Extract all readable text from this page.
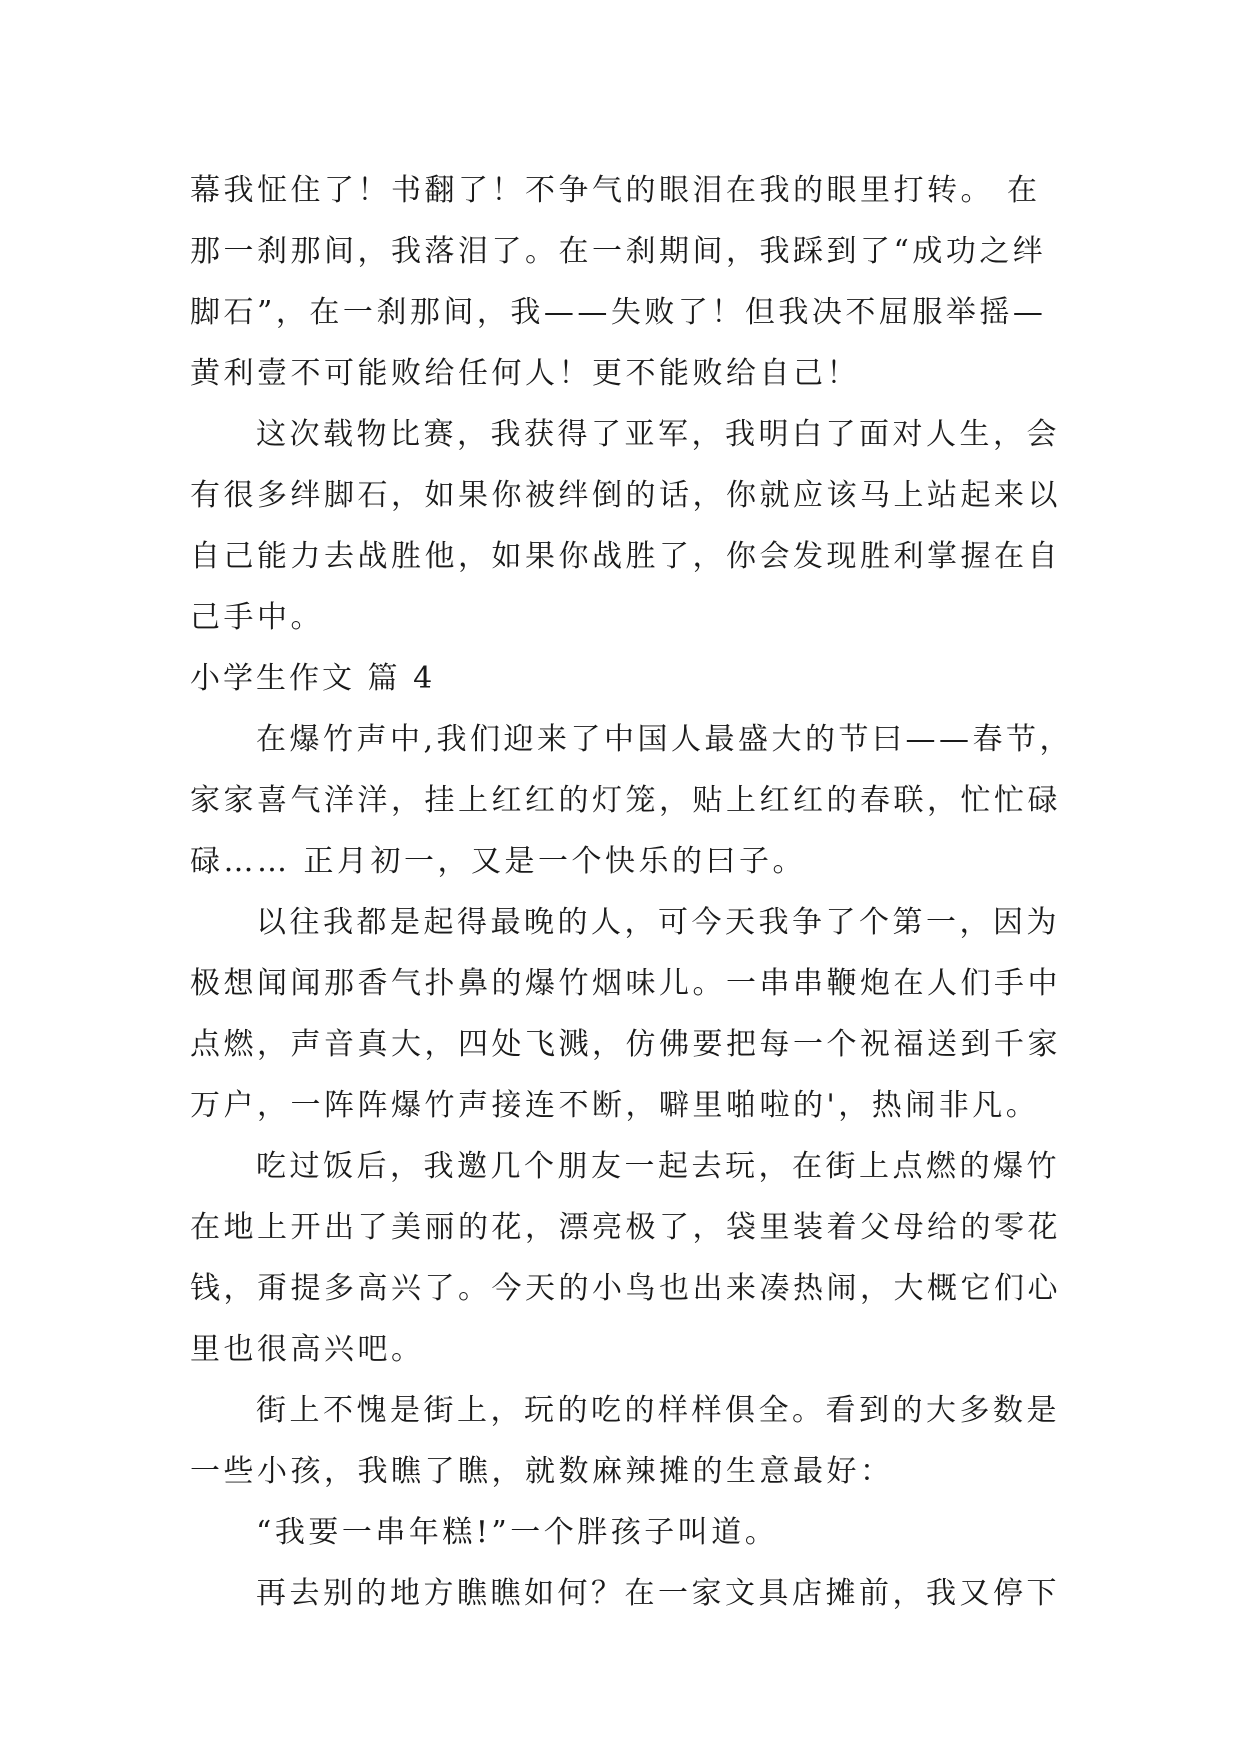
幕我怔住了！书翻了！不争气的眼泪在我的眼里打转。 在
那一刹那间，我落泪了。在一刹期间，我踩到了“成功之绊
脚石”，在一刹那间，我——失败了！但我决不屈服举摇—
黄利壹不可能败给任何人！更不能败给自己！
这次载物比赛，我获得了亚军，我明白了面对人生，会
有很多绊脚石，如果你被绊倒的话，你就应该马上站起来以
自己能力去战胜他，如果你战胜了，你会发现胜利掌握在自
己手中。
小学生作文 篇 4
在爆竹声中,我们迎来了中国人最盛大的节曰——春节，
家家喜气洋洋，挂上红红的灯笼，贴上红红的春联，忙忙碌
碌…… 正月初一，又是一个快乐的曰子。
以往我都是起得最晚的人，可今天我争了个第一，因为
极想闻闻那香气扑鼻的爆竹烟味儿。一串串鞭炮在人们手中
点燃，声音真大，四处飞溅，仿佛要把每一个祝福送到千家
万户，一阵阵爆竹声接连不断，噼里啪啦的'，热闹非凡。
吃过饭后，我邀几个朋友一起去玩，在街上点燃的爆竹
在地上开出了美丽的花，漂亮极了，袋里装着父母给的零花
钱，甭提多高兴了。今天的小鸟也出来凑热闹，大概它们心
里也很高兴吧。
街上不愧是街上，玩的吃的样样俱全。看到的大多数是
一些小孩，我瞧了瞧，就数麻辣摊的生意最好：
“我要一串年糕!”一个胖孩子叫道。
再去别的地方瞧瞧如何？在一家文具店摊前，我又停下
